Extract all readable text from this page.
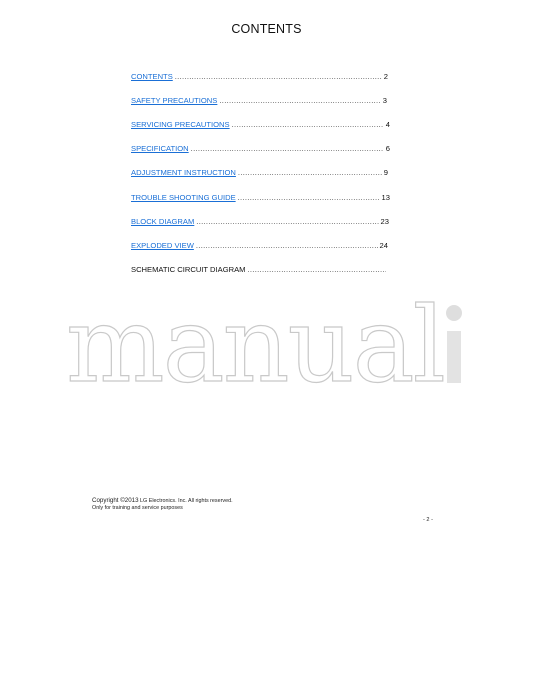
CONTENTS
CONTENTS .....	2
SAFETY PRECAUTIONS .....	3
SERVICING PRECAUTIONS .....	4
SPECIFICATION .....	6
ADJUSTMENT INSTRUCTION .....	9
TROUBLE SHOOTING GUIDE .....	13
BLOCK DIAGRAM .....	23
EXPLODED VIEW .....	24
SCHEMATIC CIRCUIT DIAGRAM
.....
manual
Copyright ©2013 LG Electronics. Inc. All rights reserved.
Only for training and service purposes
- 2 -
